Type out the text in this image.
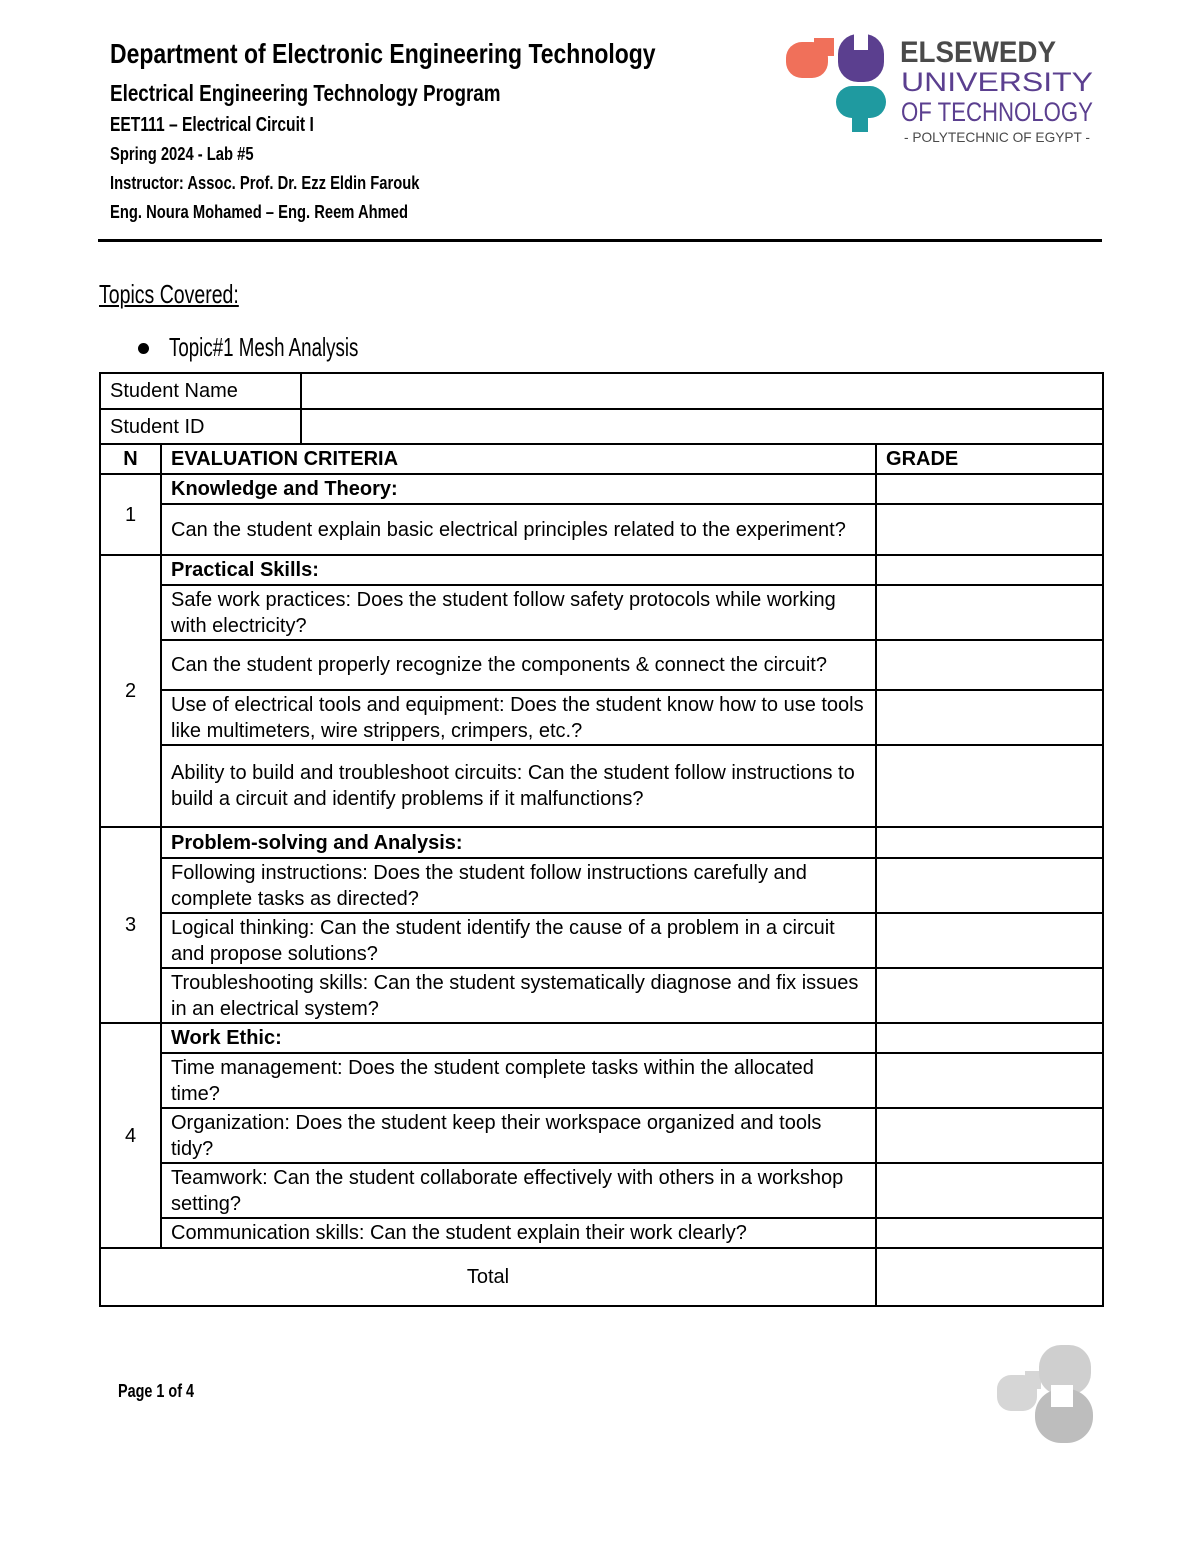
Department of Electronic Engineering Technology
Electrical Engineering Technology Program
EET111 – Electrical Circuit I
Spring 2024 - Lab #5
Instructor: Assoc. Prof. Dr. Ezz Eldin Farouk
Eng. Noura Mohamed – Eng. Reem Ahmed
ELSEWEDY
UNIVERSITY
OF TECHNOLOGY
- POLYTECHNIC OF EGYPT -
Topics Covered:
Topic#1 Mesh Analysis
Student Name			
Student ID			
N	EVALUATION CRITERIA		GRADE
1	Knowledge and Theory:		
	Can the student explain basic electrical principles related to the experiment?		
2	Practical Skills:		
	Safe work practices: Does the student follow safety protocols while working with electricity?		
	Can the student properly recognize the components & connect the circuit?		
	Use of electrical tools and equipment: Does the student know how to use tools like multimeters, wire strippers, crimpers, etc.?		
	Ability to build and troubleshoot circuits: Can the student follow instructions to build a circuit and identify problems if it malfunctions?		
3	Problem-solving and Analysis:		
	Following instructions: Does the student follow instructions carefully and complete tasks as directed?		
	Logical thinking: Can the student identify the cause of a problem in a circuit and propose solutions?		
	Troubleshooting skills: Can the student systematically diagnose and fix issues in an electrical system?		
4	Work Ethic:		
	Time management: Does the student complete tasks within the allocated time?		
	Organization: Does the student keep their workspace organized and tools tidy?		
	Teamwork: Can the student collaborate effectively with others in a workshop setting?		
	Communication skills: Can the student explain their work clearly?		
Total			
Page 1 of 4
